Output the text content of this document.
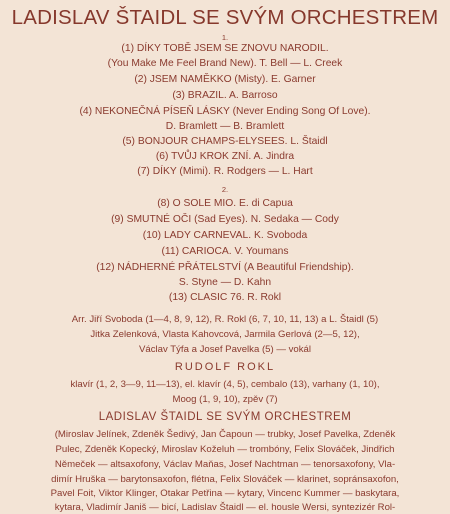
LADISLAV ŠTAIDL SE SVÝM ORCHESTREM
1.
(1) DÍKY TOBĚ JSEM SE ZNOVU NARODIL.
(You Make Me Feel Brand New). T. Bell — L. Creek
(2) JSEM NAMĚKKO (Misty). E. Garner
(3) BRAZIL. A. Barroso
(4) NEKONEČNÁ PÍSEŇ LÁSKY (Never Ending Song Of Love).
D. Bramlett — B. Bramlett
(5) BONJOUR CHAMPS-ELYSEES. L. Štaidl
(6) TVŮJ KROK ZNÍ. A. Jindra
(7) DÍKY (Mimi). R. Rodgers — L. Hart
2.
(8) O SOLE MIO. E. di Capua
(9) SMUTNÉ OČI (Sad Eyes). N. Sedaka — Cody
(10) LADY CARNEVAL. K. Svoboda
(11) CARIOCA. V. Youmans
(12) NÁDHERNÉ PŘÁTELSTVÍ (A Beautiful Friendship).
S. Styne — D. Kahn
(13) CLASIC 76. R. Rokl
Arr. Jiří Svoboda (1—4, 8, 9, 12), R. Rokl (6, 7, 10, 11, 13) a L. Štaidl (5)
Jitka Zelenková, Vlasta Kahovcová, Jarmila Gerlová (2—5, 12),
Václav Týfa a Josef Pavelka (5) — vokál
RUDOLF ROKL
klavír (1, 2, 3—9, 11—13), el. klavír (4, 5), cembalo (13), varhany (1, 10),
Moog (1, 9, 10), zpěv (7)
LADISLAV ŠTAIDL SE SVÝM ORCHESTREM
(Miroslav Jelínek, Zdeněk Šedivý, Jan Čapoun — trubky, Josef Pavelka, Zdeněk
Pulec, Zdeněk Kopecký, Miroslav Koželuh — trombóny, Felix Slováček, Jindřich
Němeček — altsaxofony, Václav Maňas, Josef Nachtman — tenorsaxofony, Vla-
dimír Hruška — barytonsaxofon, flétna, Felix Slováček — klarinet, sopránsaxofon,
Pavel Foit, Viktor Klinger, Otakar Petřina — kytary, Vincenc Kummer — baskytara,
kytara, Vladimír Janiš — bicí, Ladislav Štaidl — el. housle Wersi, syntezizér Rol-
